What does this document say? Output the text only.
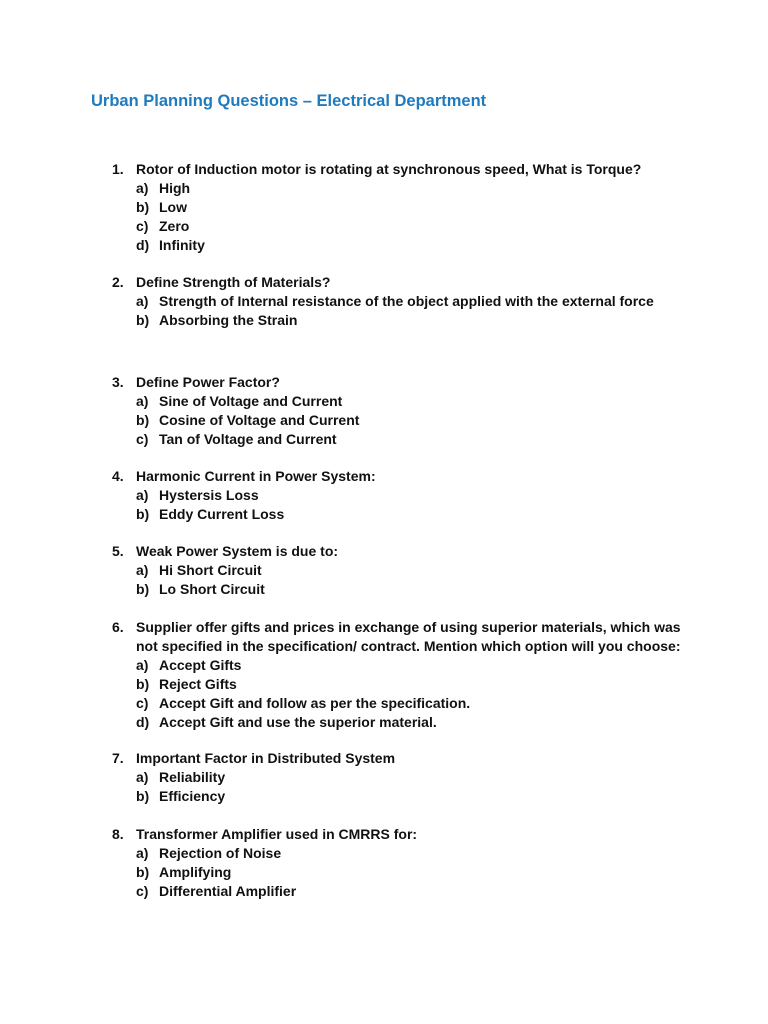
Urban Planning Questions – Electrical Department
1. Rotor of Induction motor is rotating at synchronous speed, What is Torque?
a) High
b) Low
c) Zero
d) Infinity
2. Define Strength of Materials?
a) Strength of Internal resistance of the object applied with the external force
b) Absorbing the Strain
3. Define Power Factor?
a) Sine of Voltage and Current
b) Cosine of Voltage and Current
c) Tan of Voltage and Current
4. Harmonic Current in Power System:
a) Hystersis Loss
b) Eddy Current Loss
5. Weak Power System is due to:
a) Hi Short Circuit
b) Lo Short Circuit
6. Supplier offer gifts and prices in exchange of using superior materials, which was
not specified in the specification/ contract. Mention which option will you choose:
a) Accept Gifts
b) Reject Gifts
c) Accept Gift and follow as per the specification.
d) Accept Gift and use the superior material.
7. Important Factor in Distributed System
a) Reliability
b) Efficiency
8. Transformer Amplifier used in CMRRS for:
a) Rejection of Noise
b) Amplifying
c) Differential Amplifier
